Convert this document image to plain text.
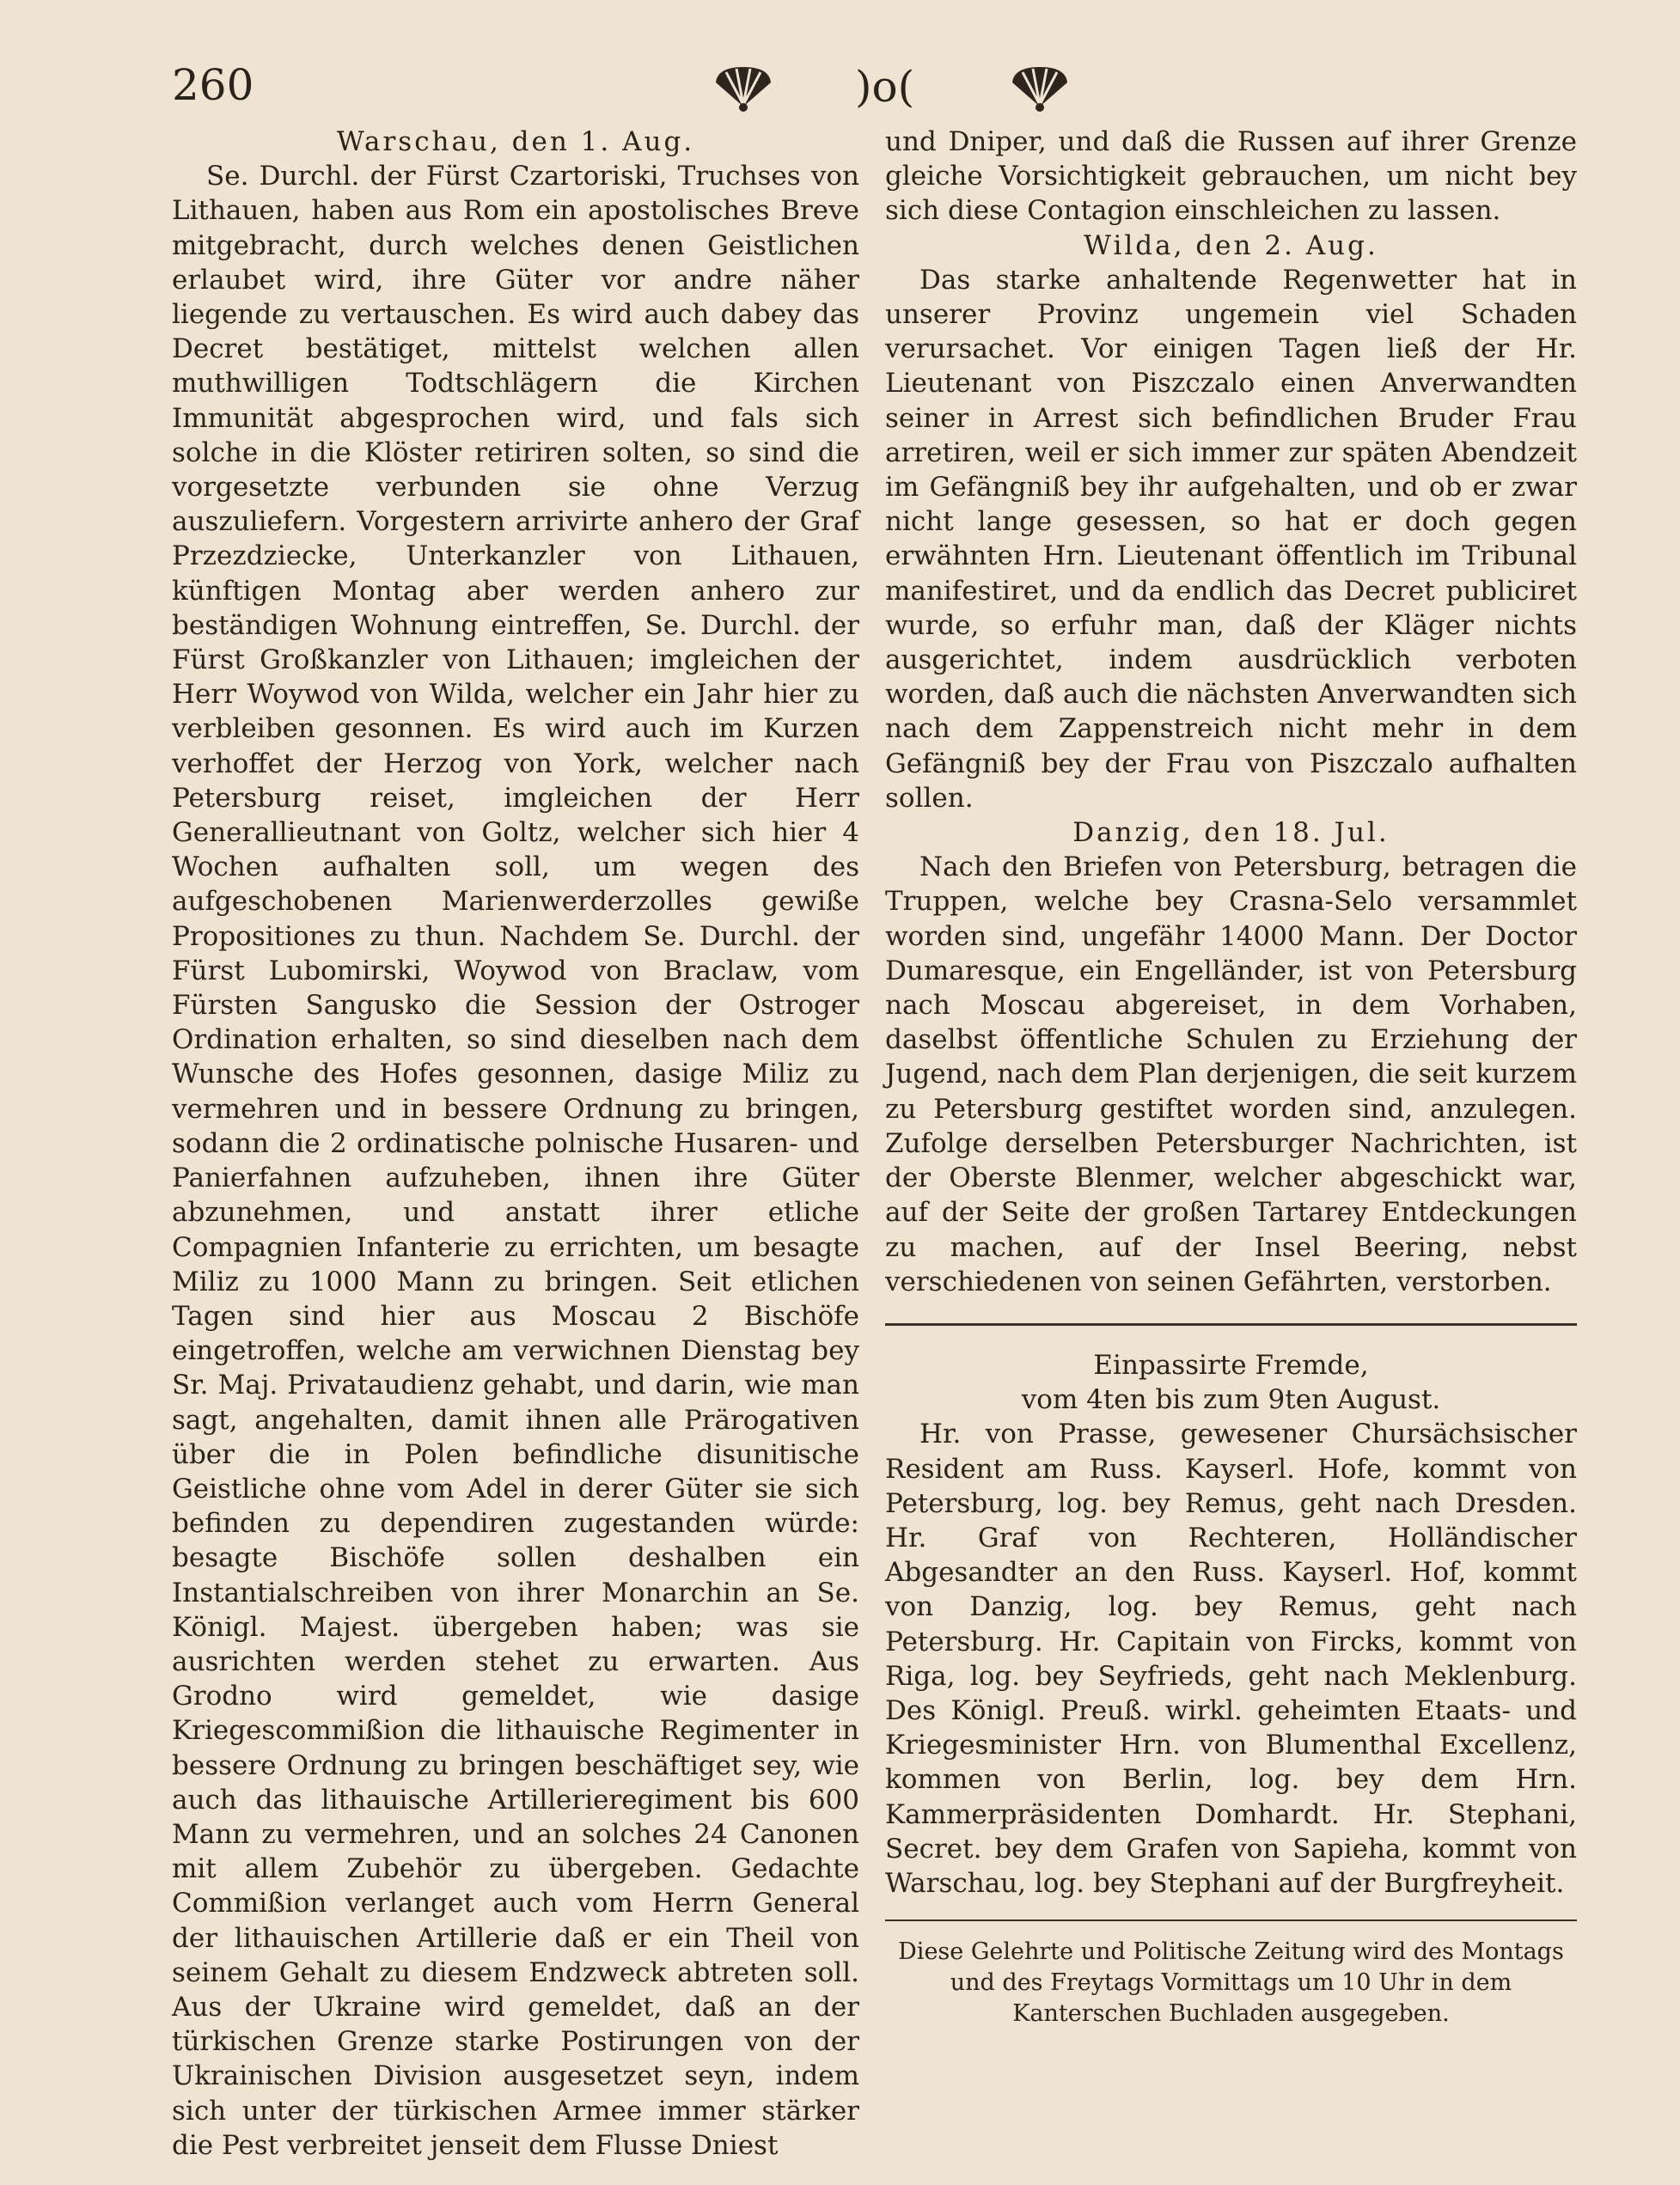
260	)o(

Warschau, den 1. Aug.

Se. Durchl. der Fürst Czartoriski, Truchses von Lithauen, haben aus Rom ein apostolisches Breve mitgebracht, durch welches denen Geistlichen erlaubet wird, ihre Güter vor andre näher liegende zu vertauschen. Es wird auch dabey das Decret bestätiget, mittelst welchen allen muthwilligen Todtschlägern die Kirchen Immunität abgesprochen wird, und fals sich solche in die Klöster retiriren solten, so sind die vorgesetzte verbunden sie ohne Verzug auszuliefern. Vorgestern arrivirte anhero der Graf Przezdziecke, Unterkanzler von Lithauen, künftigen Montag aber werden anhero zur beständigen Wohnung eintreffen, Se. Durchl. der Fürst Großkanzler von Lithauen; imgleichen der Herr Woywod von Wilda, welcher ein Jahr hier zu verbleiben gesonnen. Es wird auch im Kurzen verhoffet der Herzog von York, welcher nach Petersburg reiset, imgleichen der Herr Generallieutnant von Goltz, welcher sich hier 4 Wochen aufhalten soll, um wegen des aufgeschobenen Marienwerderzolles gewiße Propositiones zu thun. Nachdem Se. Durchl. der Fürst Lubomirski, Woywod von Braclaw, vom Fürsten Sangusko die Session der Ostroger Ordination erhalten, so sind dieselben nach dem Wunsche des Hofes gesonnen, dasige Miliz zu vermehren und in bessere Ordnung zu bringen, sodann die 2 ordinatische polnische Husaren- und Panierfahnen aufzuheben, ihnen ihre Güter abzunehmen, und anstatt ihrer etliche Compagnien Infanterie zu errichten, um besagte Miliz zu 1000 Mann zu bringen. Seit etlichen Tagen sind hier aus Moscau 2 Bischöfe eingetroffen, welche am verwichnen Dienstag bey Sr. Maj. Privataudienz gehabt, und darin, wie man sagt, angehalten, damit ihnen alle Prärogativen über die in Polen befindliche disunitische Geistliche ohne vom Adel in derer Güter sie sich befinden zu dependiren zugestanden würde: besagte Bischöfe sollen deshalben ein Instantialschreiben von ihrer Monarchin an Se. Königl. Majest. übergeben haben; was sie ausrichten werden stehet zu erwarten. Aus Grodno wird gemeldet, wie dasige Kriegescommißion die lithauische Regimenter in bessere Ordnung zu bringen beschäftiget sey, wie auch das lithauische Artillerieregiment bis 600 Mann zu vermehren, und an solches 24 Canonen mit allem Zubehör zu übergeben. Gedachte Commißion verlanget auch vom Herrn General der lithauischen Artillerie daß er ein Theil von seinem Gehalt zu diesem Endzweck abtreten soll. Aus der Ukraine wird gemeldet, daß an der türkischen Grenze starke Postirungen von der Ukrainischen Division ausgesetzet seyn, indem sich unter der türkischen Armee immer stärker die Pest verbreitet jenseit dem Flusse Dniest

und Dniper, und daß die Russen auf ihrer Grenze gleiche Vorsichtigkeit gebrauchen, um nicht bey sich diese Contagion einschleichen zu lassen.

Wilda, den 2. Aug.

Das starke anhaltende Regenwetter hat in unserer Provinz ungemein viel Schaden verursachet. Vor einigen Tagen ließ der Hr. Lieutenant von Piszczalo einen Anverwandten seiner in Arrest sich befindlichen Bruder Frau arretiren, weil er sich immer zur späten Abendzeit im Gefängniß bey ihr aufgehalten, und ob er zwar nicht lange gesessen, so hat er doch gegen erwähnten Hrn. Lieutenant öffentlich im Tribunal manifestiret, und da endlich das Decret publiciret wurde, so erfuhr man, daß der Kläger nichts ausgerichtet, indem ausdrücklich verboten worden, daß auch die nächsten Anverwandten sich nach dem Zappenstreich nicht mehr in dem Gefängniß bey der Frau von Piszczalo aufhalten sollen.

Danzig, den 18. Jul.

Nach den Briefen von Petersburg, betragen die Truppen, welche bey Crasna-Selo versammlet worden sind, ungefähr 14000 Mann. Der Doctor Dumaresque, ein Engelländer, ist von Petersburg nach Moscau abgereiset, in dem Vorhaben, daselbst öffentliche Schulen zu Erziehung der Jugend, nach dem Plan derjenigen, die seit kurzem zu Petersburg gestiftet worden sind, anzulegen. Zufolge derselben Petersburger Nachrichten, ist der Oberste Blenmer, welcher abgeschickt war, auf der Seite der großen Tartarey Entdeckungen zu machen, auf der Insel Beering, nebst verschiedenen von seinen Gefährten, verstorben.

Einpassirte Fremde,

vom 4ten bis zum 9ten August.

Hr. von Prasse, gewesener Chursächsischer Resident am Russ. Kayserl. Hofe, kommt von Petersburg, log. bey Remus, geht nach Dresden. Hr. Graf von Rechteren, Holländischer Abgesandter an den Russ. Kayserl. Hof, kommt von Danzig, log. bey Remus, geht nach Petersburg. Hr. Capitain von Fircks, kommt von Riga, log. bey Seyfrieds, geht nach Meklenburg. Des Königl. Preuß. wirkl. geheimten Etaats- und Kriegesminister Hrn. von Blumenthal Excellenz, kommen von Berlin, log. bey dem Hrn. Kammerpräsidenten Domhardt. Hr. Stephani, Secret. bey dem Grafen von Sapieha, kommt von Warschau, log. bey Stephani auf der Burgfreyheit.

Diese Gelehrte und Politische Zeitung wird des Montags und des Freytags Vormittags um 10 Uhr in dem Kanterschen Buchladen ausgegeben.
